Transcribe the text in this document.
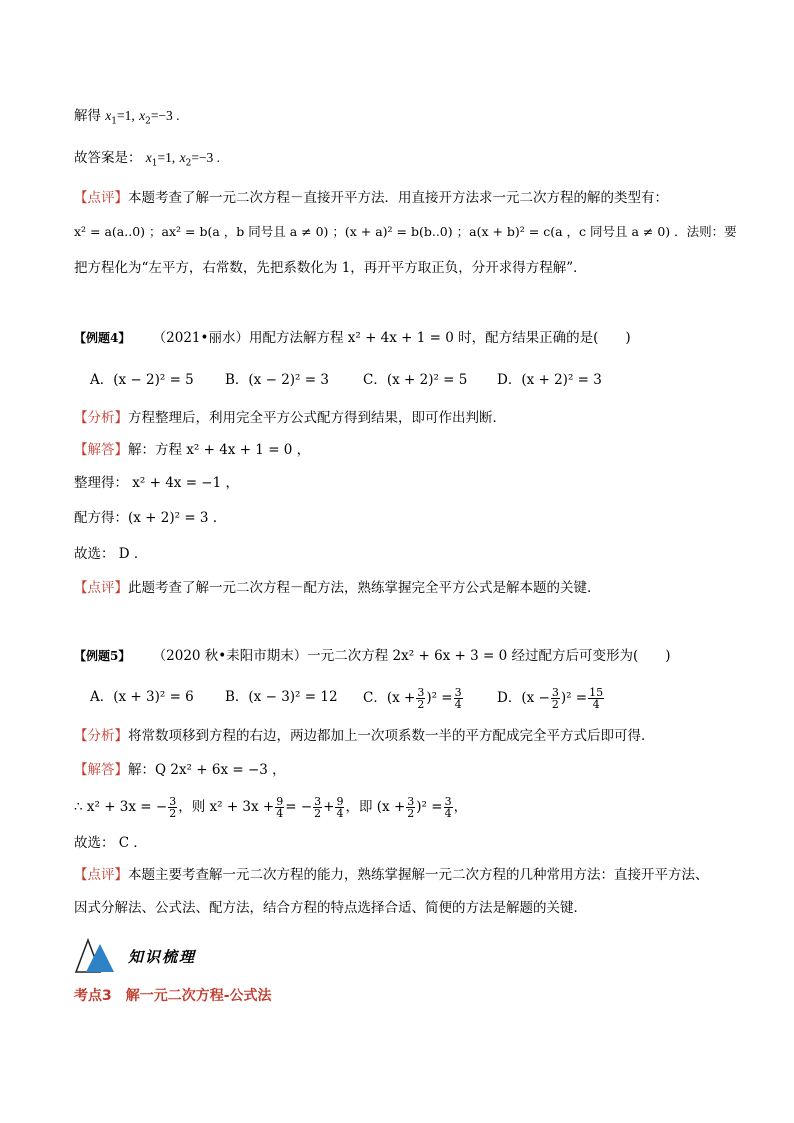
解得 $x_1=1$, $x_2=-3$ .
故答案是： $x_1=1$, $x_2=-3$ .
【点评】本题考查了解一元二次方程－直接开平方法．用直接开方法求一元二次方程的解的类型有：
x² = a(a..0) ；ax² = b(a ，b 同号且 a ≠ 0) ；(x + a)² = b(b..0) ；a(x + b)² = c(a ，c 同号且 a ≠ 0) ．法则：要
把方程化为“左平方，右常数，先把系数化为 1，再开平方取正负，分开求得方程解”．
【例题4】 （2021•丽水）用配方法解方程 x² + 4x + 1 = 0 时，配方结果正确的是(　　)
A．(x − 2)² = 5 B．(x − 2)² = 3	C．(x + 2)² = 5 D．(x + 2)² = 3
【分析】方程整理后，利用完全平方公式配方得到结果，即可作出判断．
【解答】解：方程 x² + 4x + 1 = 0 ，
整理得： x² + 4x = −1 ，
配方得：(x + 2)² = 3 ．
故选： D ．
【点评】此题考查了解一元二次方程－配方法，熟练掌握完全平方公式是解本题的关键．
【例题5】 （2020 秋•耒阳市期末）一元二次方程 2x² + 6x + 3 = 0 经过配方后可变形为(　　)
A．(x + 3)² = 6 B．(x − 3)² = 12 C．$(x + \frac{3}{2} )^2 = \frac{3}{4}$	D．$(x - \frac{3}{2} )^2 = \frac{15}{4}$
【分析】将常数项移到方程的右边，两边都加上一次项系数一半的平方配成完全平方式后即可得．
【解答】解：Q 2x² + 6x = −3 ，
∴ x² + 3x = − $\frac{3}{2}$ ，则 $x^2 + 3x + \frac{9}{4}$ = − $\frac{3}{2} + \frac{9}{4}$ ，即 $(x + \frac{3}{2} )^2 = \frac{3}{4}$ ，
故选： C ．
【点评】本题主要考查解一元二次方程的能力，熟练掌握解一元二次方程的几种常用方法：直接开平方法、
因式分解法、公式法、配方法，结合方程的特点选择合适、简便的方法是解题的关键．
知识梳理
考点3　解一元二次方程-公式法
